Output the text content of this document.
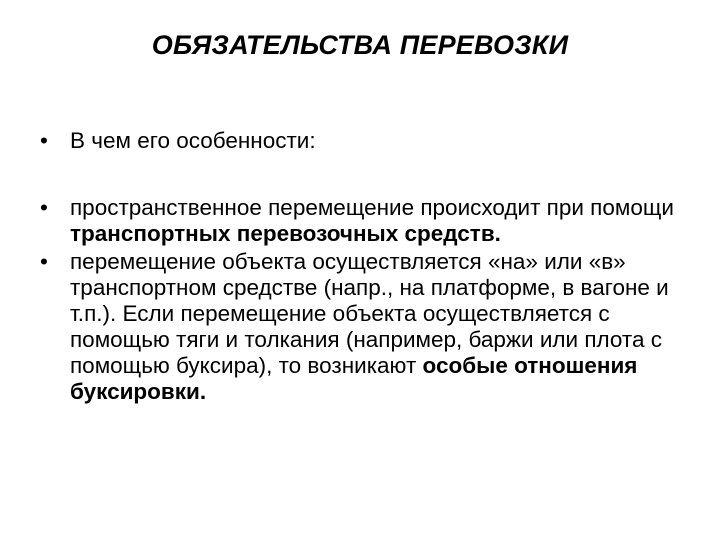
ОБЯЗАТЕЛЬСТВА ПЕРЕВОЗКИ
• В чем его особенности:
• пространственное перемещение происходит при помощи транспортных перевозочных средств.
• перемещение объекта осуществляется «на» или «в» транспортном средстве (напр., на платформе, в вагоне и т.п.). Если перемещение объекта осуществляется с помощью тяги и толкания (например, баржи или плота с помощью буксира), то возникают особые отношения буксировки.
